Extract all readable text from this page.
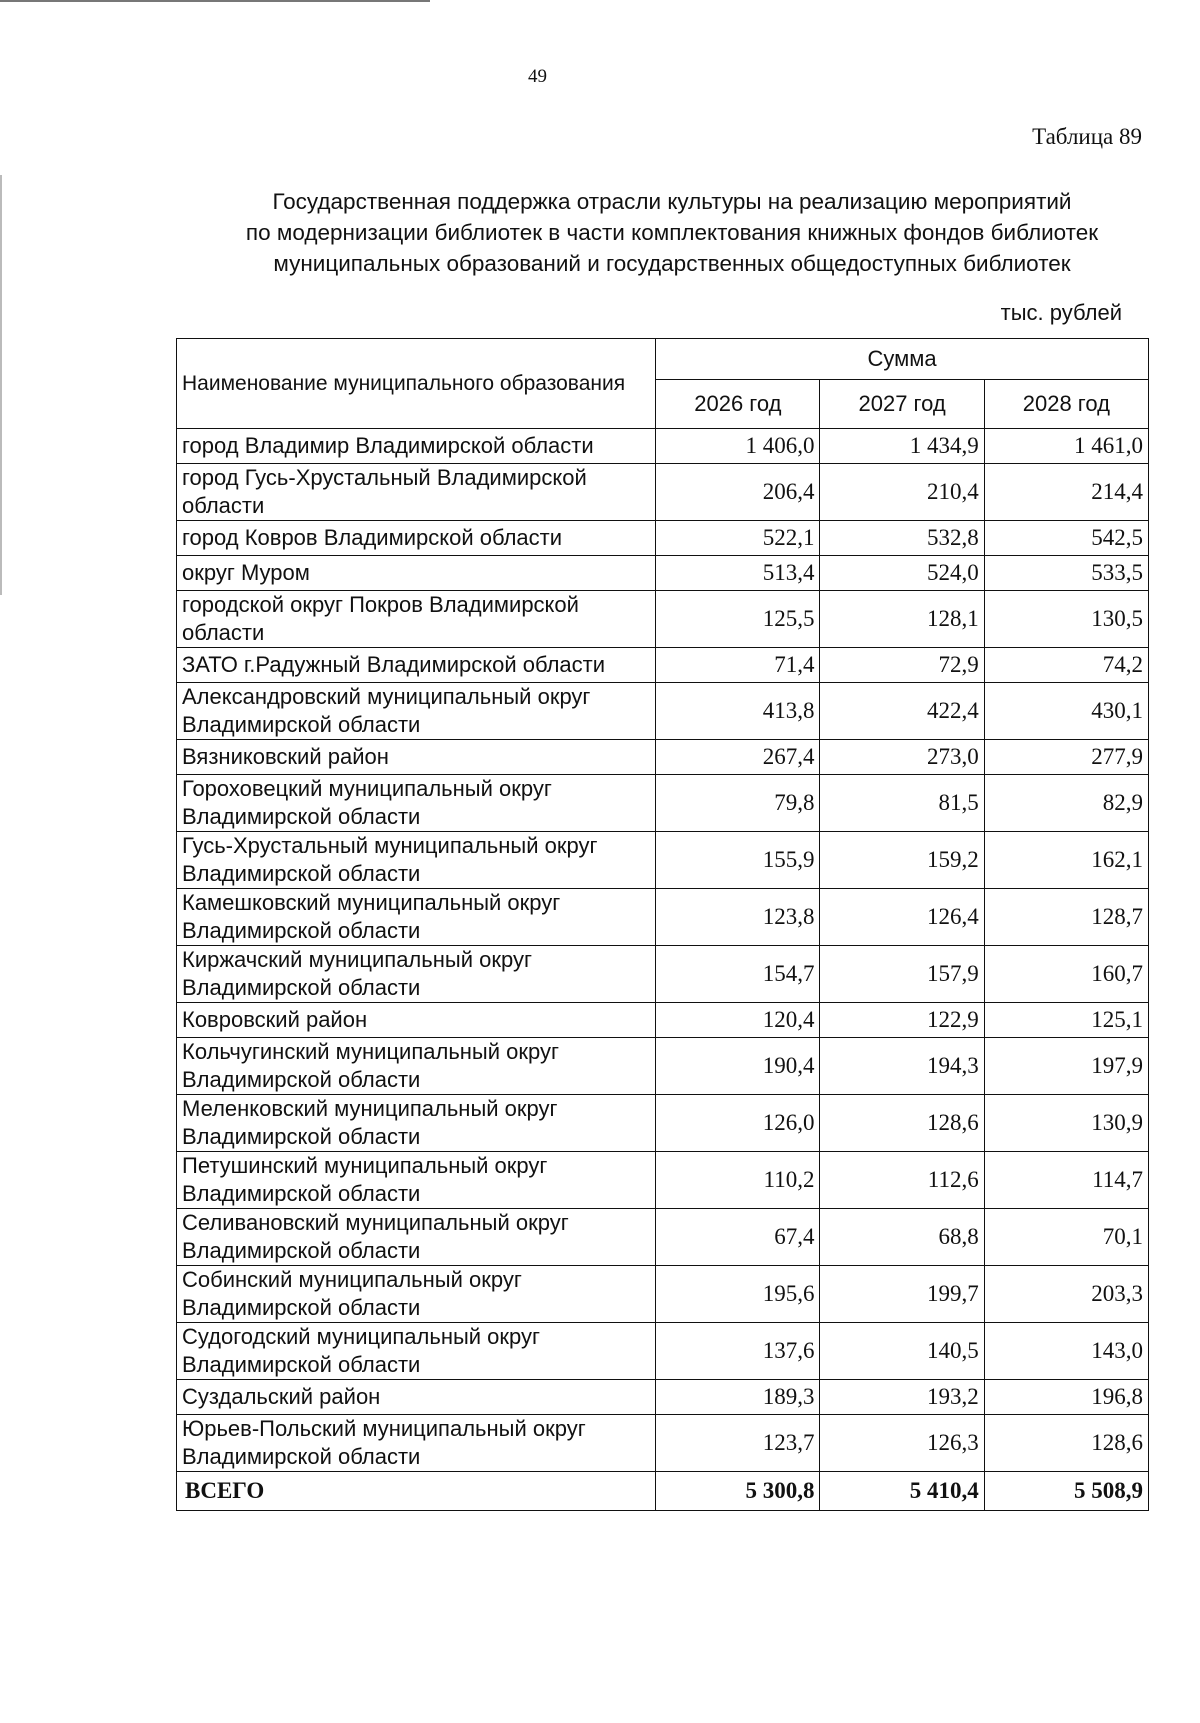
49
Таблица 89
Государственная поддержка отрасли культуры на реализацию мероприятий
по модернизации библиотек в части комплектования книжных фондов библиотек
муниципальных образований и государственных общедоступных библиотек
тыс. рублей
Наименование муниципального образования	Сумма		
	2026 год	2027 год	2028 год
город Владимир Владимирской области	1 406,0	1 434,9	1 461,0
город Гусь-Хрустальный Владимирской области	206,4	210,4	214,4
город Ковров Владимирской области	522,1	532,8	542,5
округ Муром	513,4	524,0	533,5
городской округ Покров Владимирской области	125,5	128,1	130,5
ЗАТО г.Радужный Владимирской области	71,4	72,9	74,2
Александровский муниципальный округ Владимирской области	413,8	422,4	430,1
Вязниковский район	267,4	273,0	277,9
Гороховецкий муниципальный округ Владимирской области	79,8	81,5	82,9
Гусь-Хрустальный муниципальный округ Владимирской области	155,9	159,2	162,1
Камешковский муниципальный округ Владимирской области	123,8	126,4	128,7
Киржачский муниципальный округ Владимирской области	154,7	157,9	160,7
Ковровский район	120,4	122,9	125,1
Кольчугинский муниципальный округ Владимирской области	190,4	194,3	197,9
Меленковский муниципальный округ Владимирской области	126,0	128,6	130,9
Петушинский муниципальный округ Владимирской области	110,2	112,6	114,7
Селивановский муниципальный округ Владимирской области	67,4	68,8	70,1
Собинский муниципальный округ Владимирской области	195,6	199,7	203,3
Судогодский муниципальный округ Владимирской области	137,6	140,5	143,0
Суздальский район	189,3	193,2	196,8
Юрьев-Польский муниципальный округ Владимирской области	123,7	126,3	128,6
ВСЕГО	5 300,8	5 410,4	5 508,9
